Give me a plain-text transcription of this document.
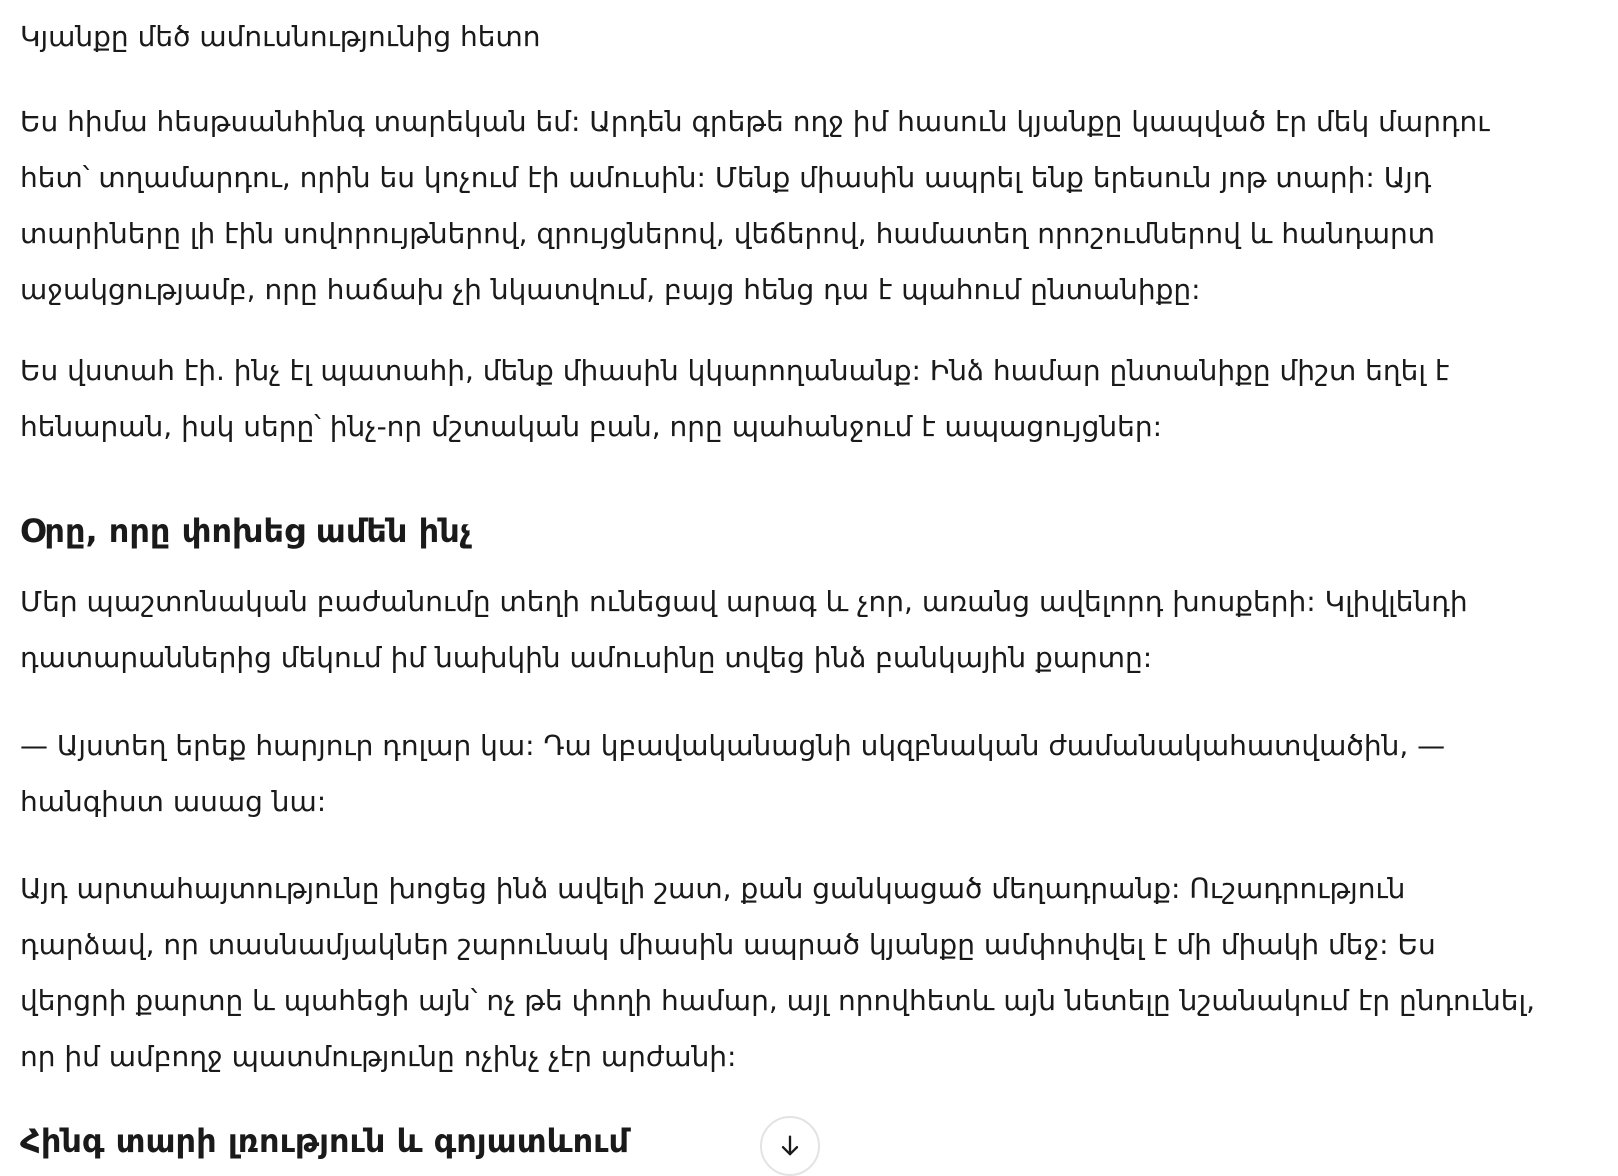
Կյանքը մեծ ամուսնությունից հետո

Ես հիմա հեսթսանհինգ տարեկան եմ: Արդեն գրեթե ողջ իմ հասուն կյանքը կապված էր մեկ մարդու
հետ՝ տղամարդու, որին ես կոչում էի ամուսին: Մենք միասին ապրել ենք երեսուն յոթ տարի: Այդ
տարիները լի էին սովորույթներով, զրույցներով, վեճերով, համատեղ որոշումներով և հանդարտ
աջակցությամբ, որը հաճախ չի նկատվում, բայց հենց դա է պահում ընտանիքը:

Ես վստահ էի. ինչ էլ պատահի, մենք միասին կկարողանանք: Ինձ համար ընտանիքը միշտ եղել է
հենարան, իսկ սերը՝ ինչ-որ մշտական բան, որը պահանջում է ապացույցներ:

Օրը, որը փոխեց ամեն ինչ

Մեր պաշտոնական բաժանումը տեղի ունեցավ արագ և չոր, առանց ավելորդ խոսքերի: Կլիվլենդի
դատարաններից մեկում իմ նախկին ամուսինը տվեց ինձ բանկային քարտը:

— Այստեղ երեք հարյուր դոլար կա: Դա կբավականացնի սկզբնական ժամանակահատվածին, —
հանգիստ ասաց նա:

Այդ արտահայտությունը խոցեց ինձ ավելի շատ, քան ցանկացած մեղադրանք: Ուշադրություն
դարձավ, որ տասնամյակներ շարունակ միասին ապրած կյանքը ամփոփվել է մի միակի մեջ: Ես
վերցրի քարտը և պահեցի այն՝ ոչ թե փողի համար, այլ որովհետև այն նետելը նշանակում էր ընդունել,
որ իմ ամբողջ պատմությունը ոչինչ չէր արժանի:

Հինգ տարի լռություն և գոյատևում
